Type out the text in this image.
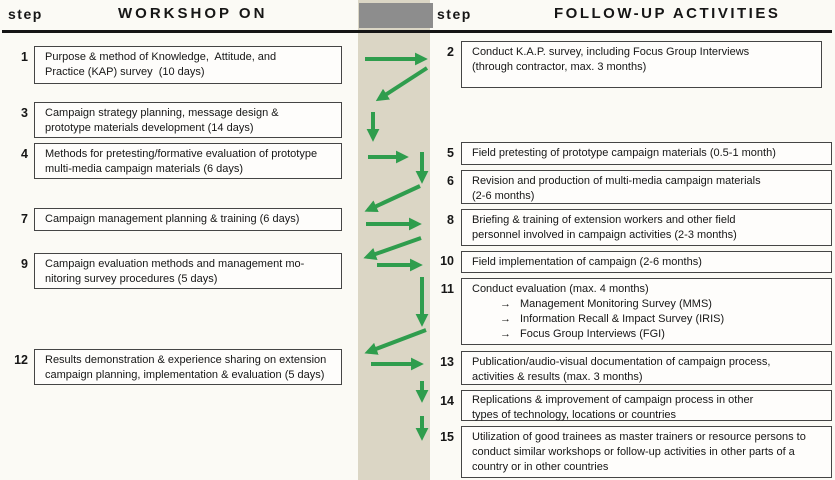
step	WORKSHOP ON	step	FOLLOW-UP ACTIVITIES
1 Purpose & method of Knowledge,  Attitude, and
Practice (KAP) survey  (10 days)
3 Campaign strategy planning, message design &
prototype materials development (14 days)
4 Methods for pretesting/formative evaluation of prototype
multi-media campaign materials (6 days)
7 Campaign management planning & training (6 days)
9 Campaign evaluation methods and management mo-
nitoring survey procedures (5 days)
12 Results demonstration & experience sharing on extension
campaign planning, implementation & evaluation (5 days)
2 Conduct K.A.P. survey, including Focus Group Interviews
(through contractor, max. 3 months)
5 Field pretesting of prototype campaign materials (0.5-1 month)
6 Revision and production of multi-media campaign materials
(2-6 months)
8 Briefing & training of extension workers and other field
personnel involved in campaign activities (2-3 months)
10 Field implementation of campaign (2-6 months)
11 Conduct evaluation (max. 4 months)
→ Management Monitoring Survey (MMS)
→ Information Recall & Impact Survey (IRIS)
→ Focus Group Interviews (FGI)
13 Publication/audio-visual documentation of campaign process,
activities & results (max. 3 months)
14 Replications & improvement of campaign process in other
types of technology, locations or countries
15 Utilization of good trainees as master trainers or resource persons to
conduct similar workshops or follow-up activities in other parts of a
country or in other countries
